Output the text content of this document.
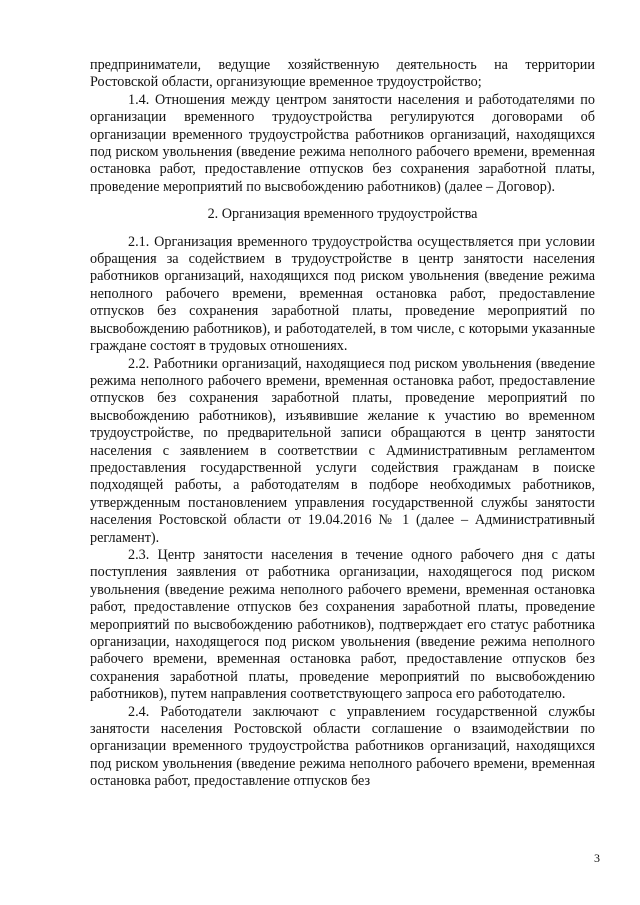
предприниматели, ведущие хозяйственную деятельность на территории Ростовской области, организующие временное трудоустройство;

1.4. Отношения между центром занятости населения и работодателями по организации временного трудоустройства регулируются договорами об организации временного трудоустройства работников организаций, находящихся под риском увольнения (введение режима неполного рабочего времени, временная остановка работ, предоставление отпусков без сохранения заработной платы, проведение мероприятий по высвобождению работников) (далее – Договор).

2. Организация временного трудоустройства

2.1. Организация временного трудоустройства осуществляется при условии обращения за содействием в трудоустройстве в центр занятости населения работников организаций, находящихся под риском увольнения (введение режима неполного рабочего времени, временная остановка работ, предоставление отпусков без сохранения заработной платы, проведение мероприятий по высвобождению работников), и работодателей, в том числе, с которыми указанные граждане состоят в трудовых отношениях.

2.2. Работники организаций, находящиеся под риском увольнения (введение режима неполного рабочего времени, временная остановка работ, предоставление отпусков без сохранения заработной платы, проведение мероприятий по высвобождению работников), изъявившие желание к участию во временном трудоустройстве, по предварительной записи обращаются в центр занятости населения с заявлением в соответствии с Административным регламентом предоставления государственной услуги содействия гражданам в поиске подходящей работы, а работодателям в подборе необходимых работников, утвержденным постановлением управления государственной службы занятости населения Ростовской области от 19.04.2016 № 1 (далее – Административный регламент).

2.3. Центр занятости населения в течение одного рабочего дня с даты поступления заявления от работника организации, находящегося под риском увольнения (введение режима неполного рабочего времени, временная остановка работ, предоставление отпусков без сохранения заработной платы, проведение мероприятий по высвобождению работников), подтверждает его статус работника организации, находящегося под риском увольнения (введение режима неполного рабочего времени, временная остановка работ, предоставление отпусков без сохранения заработной платы, проведение мероприятий по высвобождению работников), путем направления соответствующего запроса его работодателю.

2.4. Работодатели заключают с управлением государственной службы занятости населения Ростовской области соглашение о взаимодействии по организации временного трудоустройства работников организаций, находящихся под риском увольнения (введение режима неполного рабочего времени, временная остановка работ, предоставление отпусков без

3
